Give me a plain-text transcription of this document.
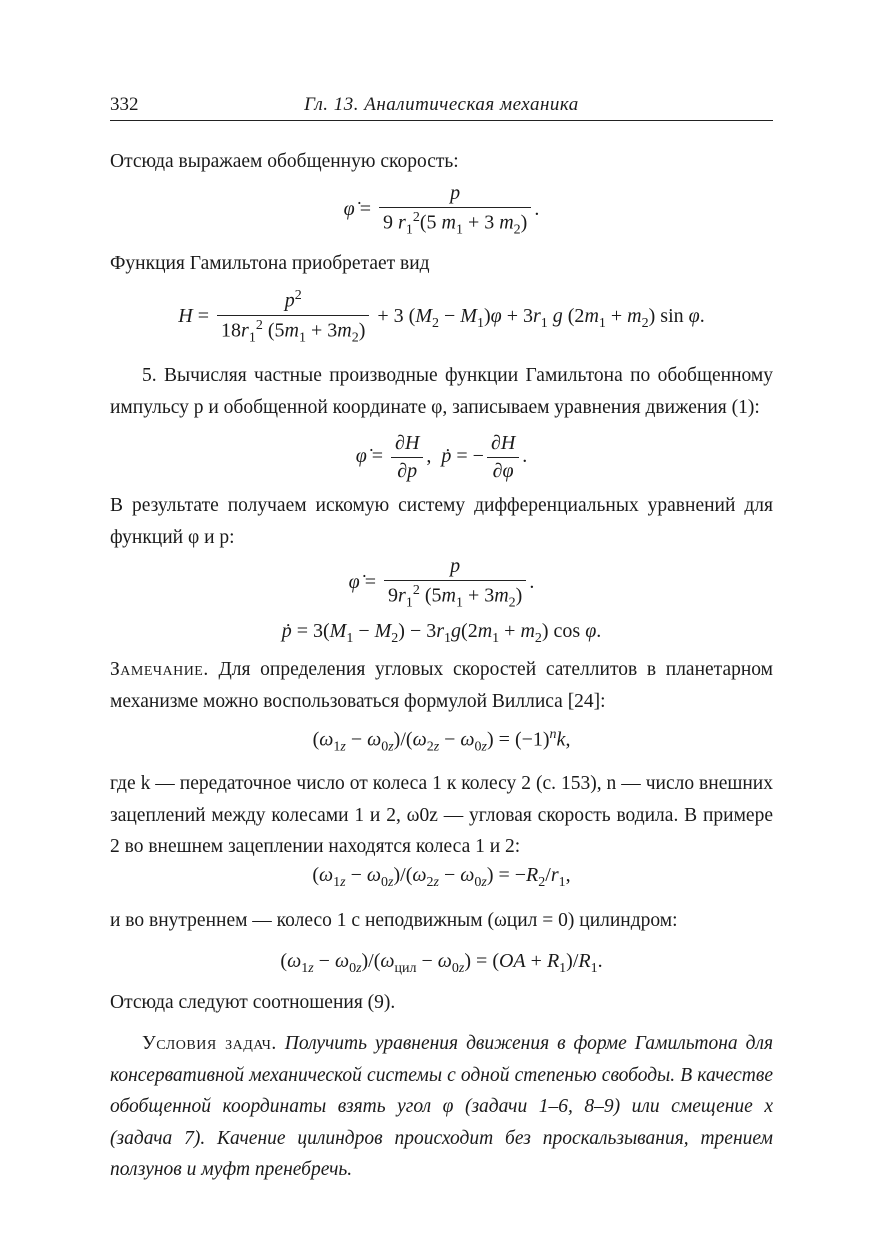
332	Гл. 13. Аналитическая механика
Отсюда выражаем обобщенную скорость:
φ̇ = $\frac{p}{9 r_1^2(5 m_1 + 3 m_2)}$ .
Функция Гамильтона приобретает вид
$H = \frac{p^2}{18r_1^2 (5m_1 + 3m_2)} + 3$ $(M_2 - M_1)\varphi + 3r_1$ g $(2m_1 + m_2)$ sin φ.
5. Вычисляя частные производные функции Гамильтона по обобщенному импульсу p и обобщенной координате φ, записываем уравнения движения (1):
φ̇ = $\frac{\partial H}{\partial p}$ ,  ṗ = − $\frac{\partial H}{\partial\varphi}$ .
В результате получаем искомую систему дифференциальных уравнений для функций φ и p:
φ̇ = $\frac{p}{9r_1^2 (5m_1 + 3m_2)}$ .
ṗ = $3(M_1 - M_2) - 3r_1g(2m_1 + m_2)$ cos φ.
Замечание. Для определения угловых скоростей сателлитов в планетарном механизме можно воспользоваться формулой Виллиса [24]:
$(\omega_{1z} - \omega_{0z})/(\omega_{2z} - \omega_{0z}) = (-1)^nk$,
где k — передаточное число от колеса 1 к колесу 2 (с. 153), n — число внешних зацеплений между колесами 1 и 2, ω0z — угловая скорость водила. В примере 2 во внешнем зацеплении находятся колеса 1 и 2:
$(\omega_{1z} - \omega_{0z})/(\omega_{2z} - \omega_{0z}) = -R_2/r_1$,
и во внутреннем — колесо 1 с неподвижным (ωцил = 0) цилиндром:
$(\omega_{1z} - \omega_{0z})/(\omega_{цил} - \omega_{0z}) = (OA + R_1)/R_1$.
Отсюда следуют соотношения (9).
Условия задач. Получить уравнения движения в форме Гамильтона для консервативной механической системы с одной степенью свободы. В качестве обобщенной координаты взять угол φ (задачи 1–6, 8–9) или смещение x (задача 7). Качение цилиндров происходит без проскальзывания, трением ползунов и муфт пренебречь.
